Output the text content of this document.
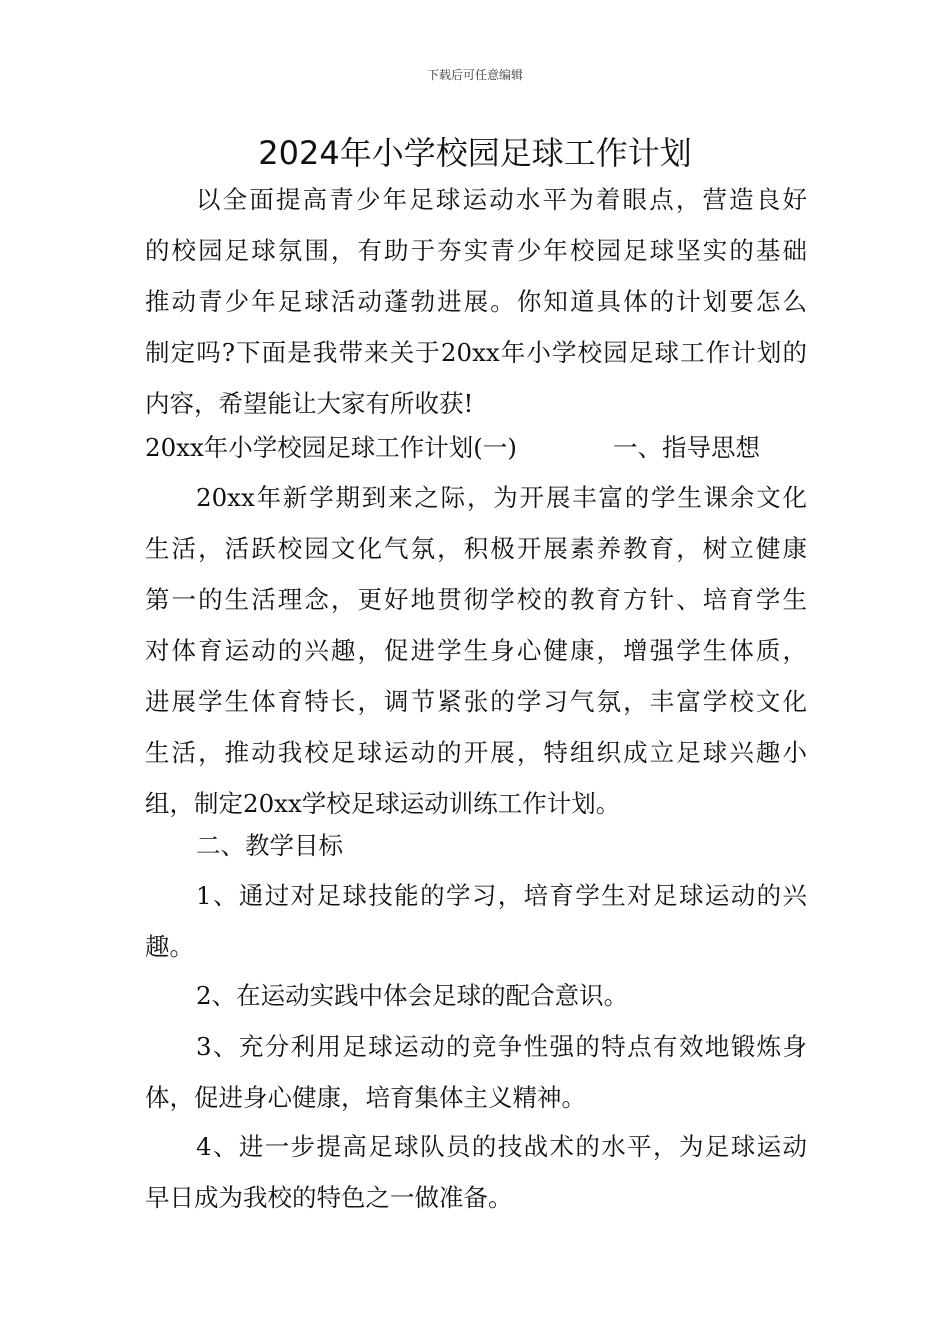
下载后可任意编辑
2024年小学校园足球工作计划
以全面提高青少年足球运动水平为着眼点，营造良好
的校园足球氛围，有助于夯实青少年校园足球坚实的基础
推动青少年足球活动蓬勃进展。你知道具体的计划要怎么
制定吗?下面是我带来关于20xx年小学校园足球工作计划的
内容，希望能让大家有所收获!
20xx年小学校园足球工作计划(一)	一、指导思想
20xx年新学期到来之际，为开展丰富的学生课余文化
生活，活跃校园文化气氛，积极开展素养教育，树立健康
第一的生活理念，更好地贯彻学校的教育方针、培育学生
对体育运动的兴趣，促进学生身心健康，增强学生体质，
进展学生体育特长，调节紧张的学习气氛，丰富学校文化
生活，推动我校足球运动的开展，特组织成立足球兴趣小
组，制定20xx学校足球运动训练工作计划。
二、教学目标
1、通过对足球技能的学习，培育学生对足球运动的兴
趣。
2、在运动实践中体会足球的配合意识。
3、充分利用足球运动的竞争性强的特点有效地锻炼身
体，促进身心健康，培育集体主义精神。
4、进一步提高足球队员的技战术的水平，为足球运动
早日成为我校的特色之一做准备。
